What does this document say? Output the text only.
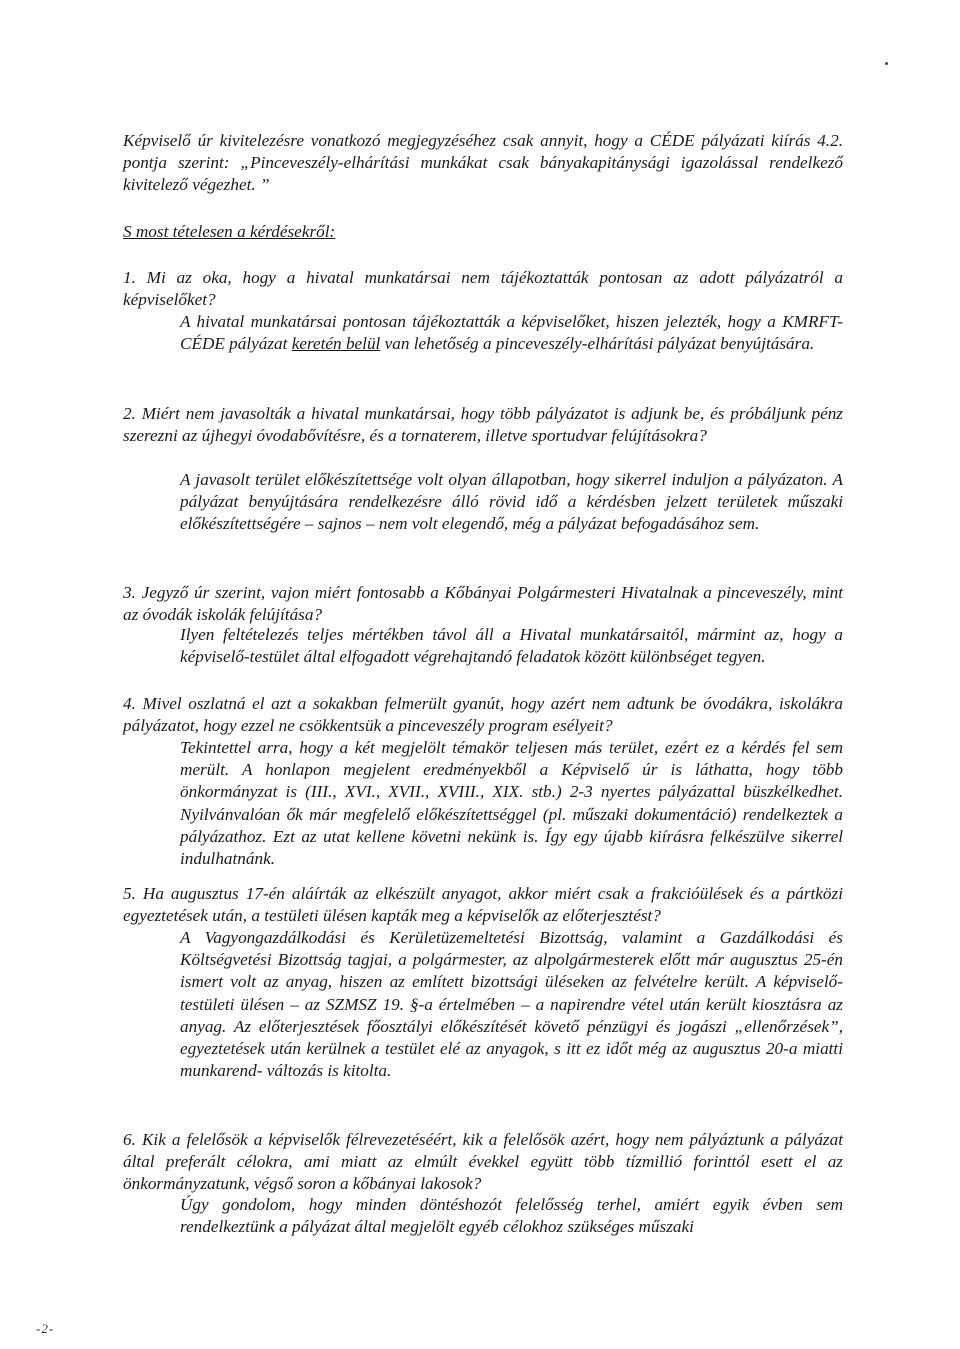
Képviselő úr kivitelezésre vonatkozó megjegyzéséhez csak annyit, hogy a CÉDE pályázati kiírás 4.2. pontja szerint: „Pinceveszély-elhárítási munkákat csak bányakapitánysági igazolással rendelkező kivitelező végezhet. ”

S most tételesen a kérdésekről:

1. Mi az oka, hogy a hivatal munkatársai nem tájékoztatták pontosan az adott pályázatról a képviselőket?

A hivatal munkatársai pontosan tájékoztatták a képviselőket, hiszen jelezték, hogy a KMRFT-CÉDE pályázat keretén belül van lehetőség a pinceveszély-elhárítási pályázat benyújtására.

2. Miért nem javasolták a hivatal munkatársai, hogy több pályázatot is adjunk be, és próbáljunk pénz szerezni az újhegyi óvodabővítésre, és a tornaterem, illetve sportudvar felújításokra?

A javasolt terület előkészítettsége volt olyan állapotban, hogy sikerrel induljon a pályázaton. A pályázat benyújtására rendelkezésre álló rövid idő a kérdésben jelzett területek műszaki előkészítettségére – sajnos – nem volt elegendő, még a pályázat befogadásához sem.

3. Jegyző úr szerint, vajon miért fontosabb a Kőbányai Polgármesteri Hivatalnak a pinceveszély, mint az óvodák iskolák felújítása?

Ilyen feltételezés teljes mértékben távol áll a Hivatal munkatársaitól, mármint az, hogy a képviselő-testület által elfogadott végrehajtandó feladatok között különbséget tegyen.

4. Mivel oszlatná el azt a sokakban felmerült gyanút, hogy azért nem adtunk be óvodákra, iskolákra pályázatot, hogy ezzel ne csökkentsük a pinceveszély program esélyeit?

Tekintettel arra, hogy a két megjelölt témakör teljesen más terület, ezért ez a kérdés fel sem merült. A honlapon megjelent eredményekből a Képviselő úr is láthatta, hogy több önkormányzat is (III., XVI., XVII., XVIII., XIX. stb.) 2-3 nyertes pályázattal büszkélkedhet. Nyilvánvalóan ők már megfelelő előkészítettséggel (pl. műszaki dokumentáció) rendelkeztek a pályázathoz. Ezt az utat kellene követni nekünk is. Így egy újabb kiírásra felkészülve sikerrel indulhatnánk.

5. Ha augusztus 17-én aláírták az elkészült anyagot, akkor miért csak a frakcióülések és a pártközi egyeztetések után, a testületi ülésen kapták meg a képviselők az előterjesztést?

A Vagyongazdálkodási és Kerületüzemeltetési Bizottság, valamint a Gazdálkodási és Költségvetési Bizottság tagjai, a polgármester, az alpolgármesterek előtt már augusztus 25-én ismert volt az anyag, hiszen az említett bizottsági üléseken az felvételre került. A képviselő-testületi ülésen – az SZMSZ 19. §-a értelmében – a napirendre vétel után került kiosztásra az anyag. Az előterjesztések főosztályi előkészítését követő pénzügyi és jogászi „ellenőrzések”, egyeztetések után kerülnek a testület elé az anyagok, s itt ez időt még az augusztus 20-a miatti munkarend- változás is kitolta.

6. Kik a felelősök a képviselők félrevezetéséért, kik a felelősök azért, hogy nem pályáztunk a pályázat által preferált célokra, ami miatt az elmúlt évekkel együtt több tízmillió forinttól esett el az önkormányzatunk, végső soron a kőbányai lakosok?

Úgy gondolom, hogy minden döntéshozót felelősség terhel, amiért egyik évben sem rendelkeztünk a pályázat által megjelölt egyéb célokhoz szükséges műszaki

-2-
